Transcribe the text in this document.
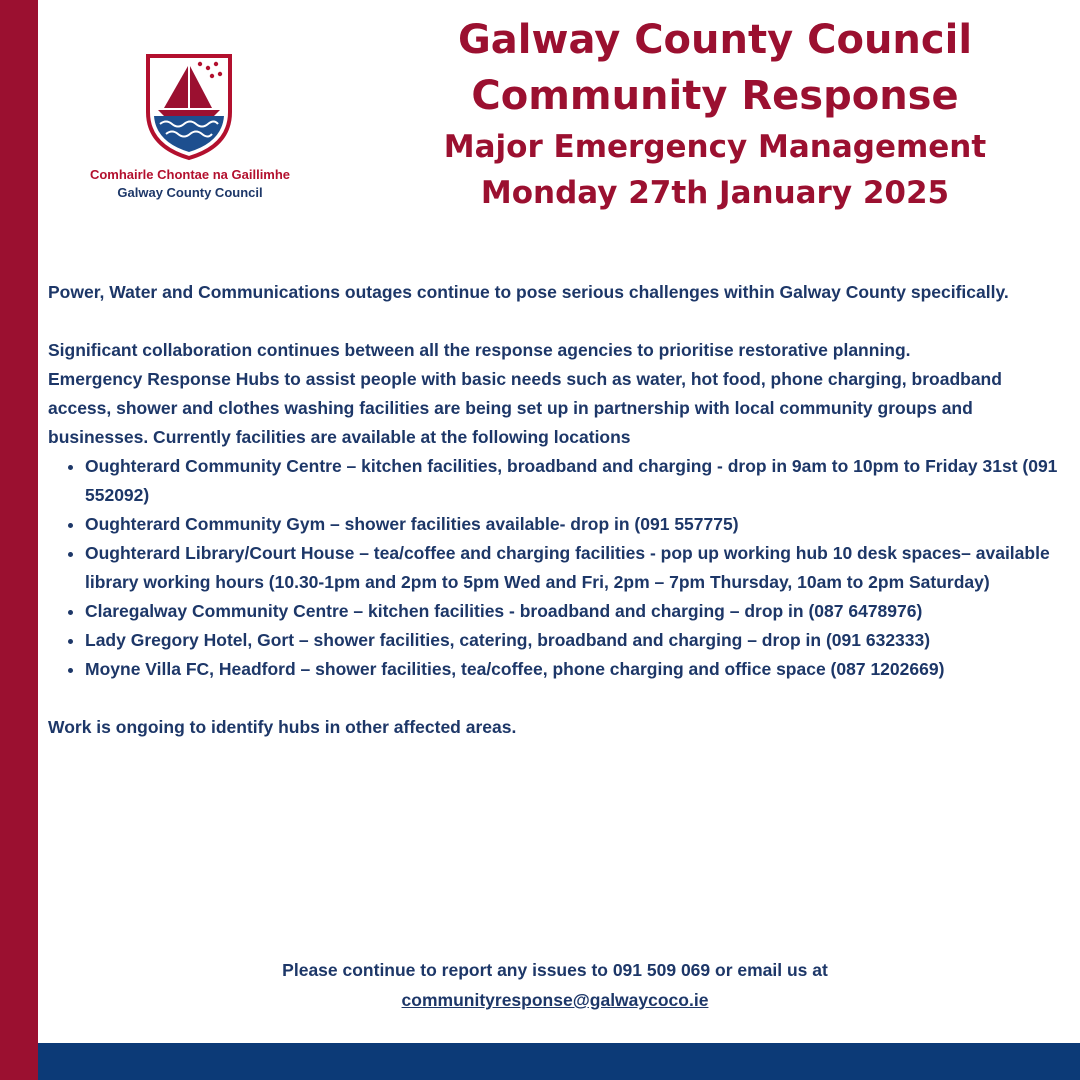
Comhairle Chontae na Gaillimhe
Galway County Council

Galway County Council

Community Response

Major Emergency Management

Monday 27th January 2025

Power, Water and Communications outages continue to pose serious challenges within Galway County specifically.

Significant collaboration continues between all the response agencies to prioritise restorative planning.

Emergency Response Hubs to assist people with basic needs such as water, hot food, phone charging, broadband access, shower and clothes washing facilities are being set up in partnership with local community groups and businesses. Currently facilities are available at the following locations

• Oughterard Community Centre – kitchen facilities, broadband and charging - drop in 9am to 10pm to Friday 31st (091 552092)
• Oughterard Community Gym – shower facilities available- drop in (091 557775)
• Oughterard Library/Court House – tea/coffee and charging facilities - pop up working hub 10 desk spaces– available library working hours (10.30-1pm and 2pm to 5pm Wed and Fri, 2pm – 7pm Thursday, 10am to 2pm Saturday)
• Claregalway Community Centre – kitchen facilities - broadband and charging – drop in (087 6478976)
• Lady Gregory Hotel, Gort – shower facilities, catering, broadband and charging – drop in (091 632333)
• Moyne Villa FC, Headford – shower facilities, tea/coffee, phone charging and office space (087 1202669)

Work is ongoing to identify hubs in other affected areas.

Please continue to report any issues to 091 509 069 or email us at
communityresponse@galwaycoco.ie
